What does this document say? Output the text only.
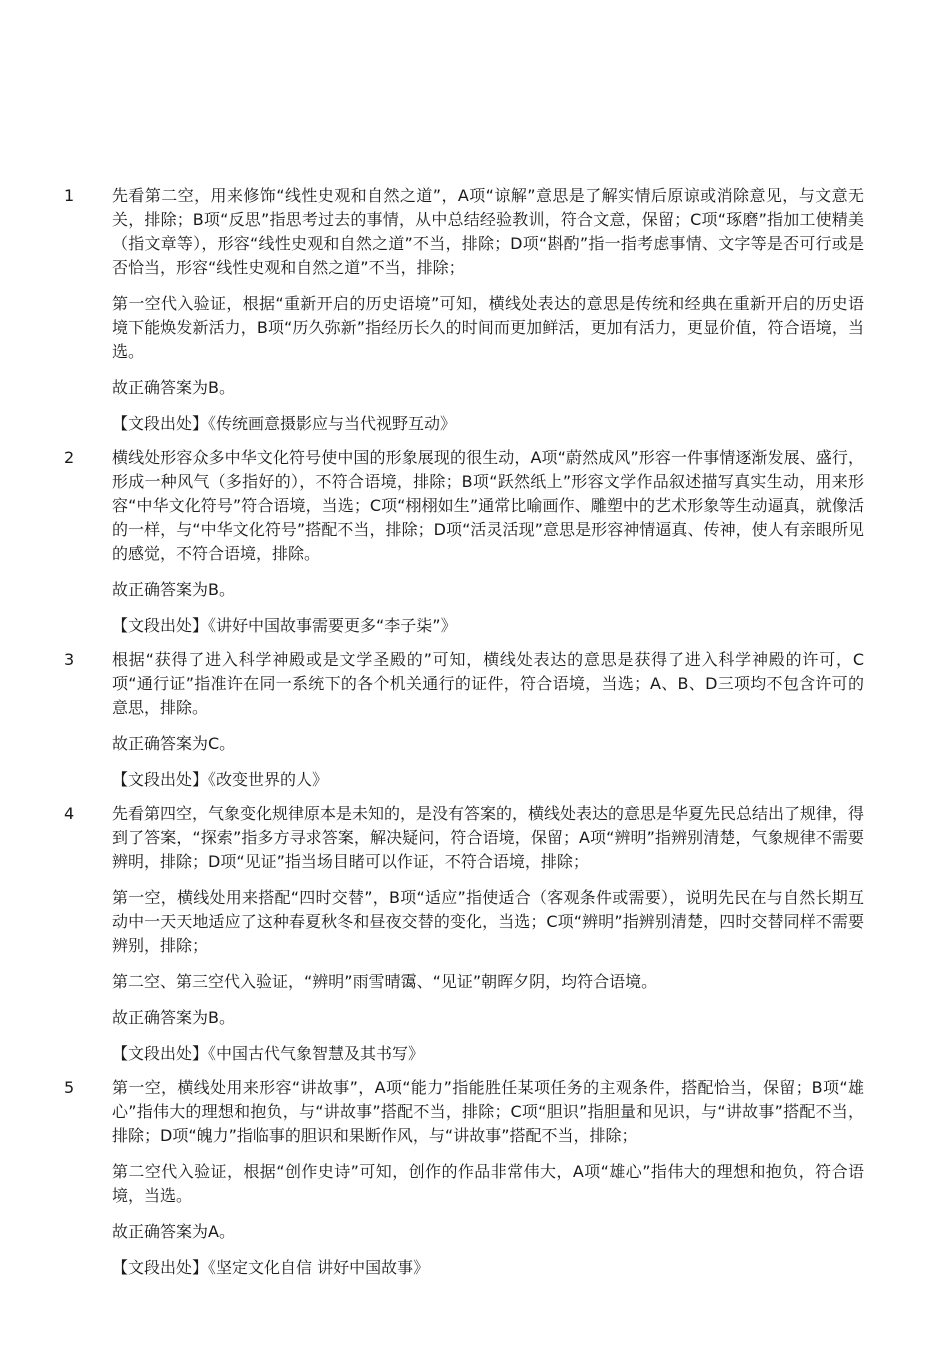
1	先看第二空，用来修饰“线性史观和自然之道”，A项“谅解”意思是了解实情后原谅或消除意见，与文意无关，排除；B项“反思”指思考过去的事情，从中总结经验教训，符合文意，保留；C项“琢磨”指加工使精美（指文章等），形容“线性史观和自然之道”不当，排除；D项“斟酌”指一指考虑事情、文字等是否可行或是否恰当，形容“线性史观和自然之道”不当，排除；

第一空代入验证，根据“重新开启的历史语境”可知，横线处表达的意思是传统和经典在重新开启的历史语境下能焕发新活力，B项“历久弥新”指经历长久的时间而更加鲜活，更加有活力，更显价值，符合语境，当选。

故正确答案为B。

【文段出处】《传统画意摄影应与当代视野互动》

2	横线处形容众多中华文化符号使中国的形象展现的很生动，A项“蔚然成风”形容一件事情逐渐发展、盛行，形成一种风气（多指好的），不符合语境，排除；B项“跃然纸上”形容文学作品叙述描写真实生动，用来形容“中华文化符号”符合语境，当选；C项“栩栩如生”通常比喻画作、雕塑中的艺术形象等生动逼真，就像活的一样，与“中华文化符号”搭配不当，排除；D项“活灵活现”意思是形容神情逼真、传神，使人有亲眼所见的感觉，不符合语境，排除。

故正确答案为B。

【文段出处】《讲好中国故事需要更多“李子柒”》

3	根据“获得了进入科学神殿或是文学圣殿的”可知，横线处表达的意思是获得了进入科学神殿的许可，C项“通行证”指准许在同一系统下的各个机关通行的证件，符合语境，当选；A、B、D三项均不包含许可的意思，排除。

故正确答案为C。

【文段出处】《改变世界的人》

4	先看第四空，气象变化规律原本是未知的，是没有答案的，横线处表达的意思是华夏先民总结出了规律，得到了答案，“探索”指多方寻求答案，解决疑问，符合语境，保留；A项“辨明”指辨别清楚，气象规律不需要辨明，排除；D项“见证”指当场目睹可以作证，不符合语境，排除；

第一空，横线处用来搭配“四时交替”，B项“适应”指使适合（客观条件或需要），说明先民在与自然长期互动中一天天地适应了这种春夏秋冬和昼夜交替的变化，当选；C项“辨明”指辨别清楚，四时交替同样不需要辨别，排除；

第二空、第三空代入验证，“辨明”雨雪晴霭、“见证”朝晖夕阴，均符合语境。

故正确答案为B。

【文段出处】《中国古代气象智慧及其书写》

5	第一空，横线处用来形容“讲故事”，A项“能力”指能胜任某项任务的主观条件，搭配恰当，保留；B项“雄心”指伟大的理想和抱负，与“讲故事”搭配不当，排除；C项“胆识”指胆量和见识，与“讲故事”搭配不当，排除；D项“魄力”指临事的胆识和果断作风，与“讲故事”搭配不当，排除；

第二空代入验证，根据“创作史诗”可知，创作的作品非常伟大，A项“雄心”指伟大的理想和抱负，符合语境，当选。

故正确答案为A。

【文段出处】《坚定文化自信 讲好中国故事》
